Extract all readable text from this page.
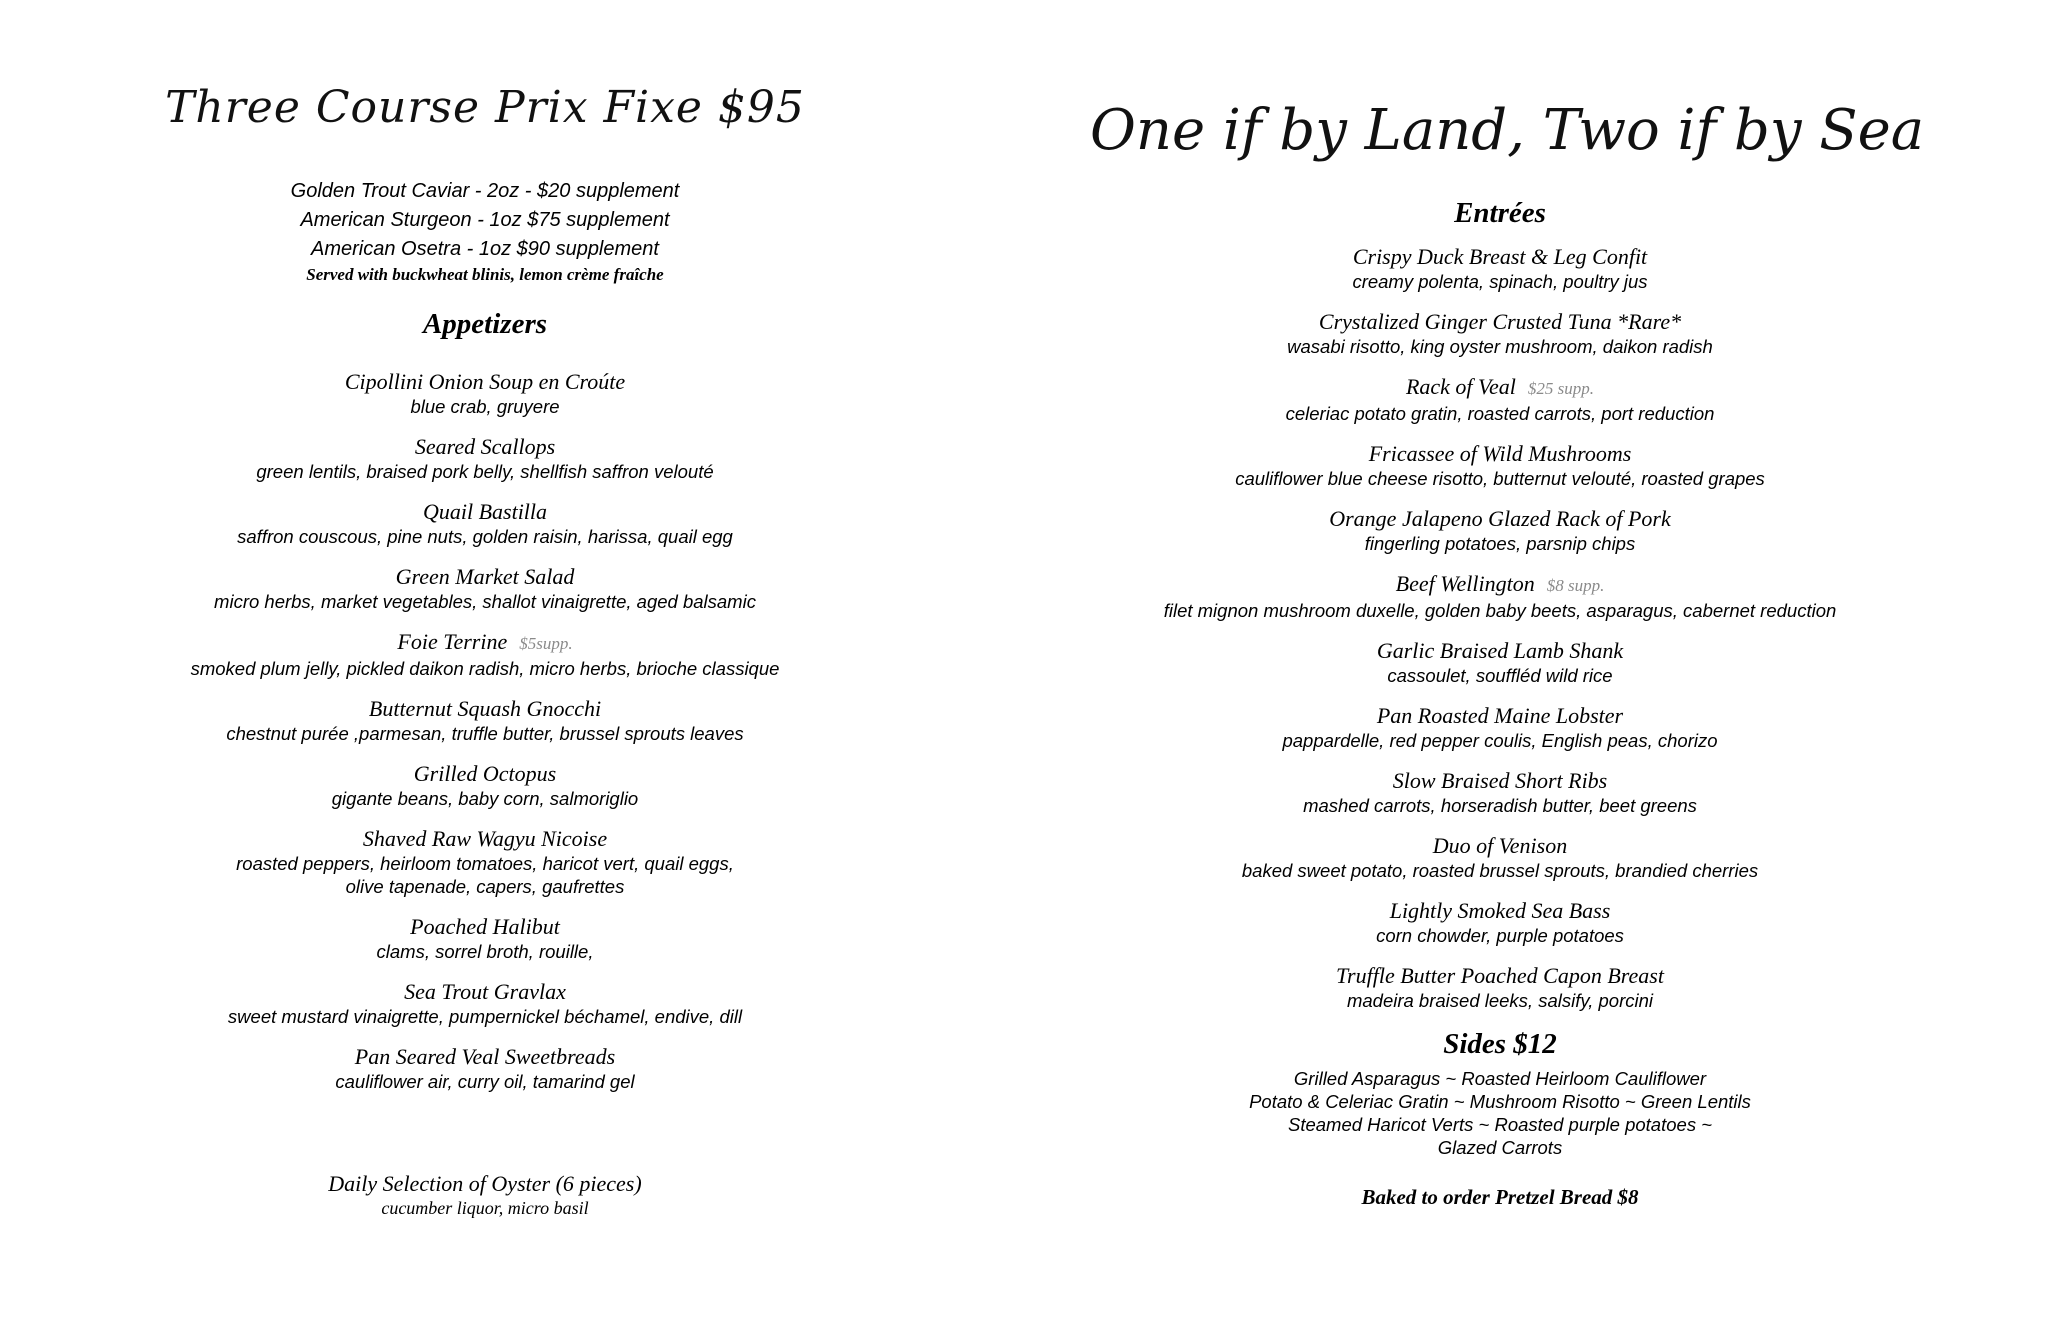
Three Course Prix Fixe $95
Golden Trout Caviar - 2oz - $20 supplement
American Sturgeon - 1oz $75 supplement
American Osetra - 1oz $90 supplement
Served with buckwheat blinis, lemon crème fraîche
Appetizers
Cipollini Onion Soup en Croúte
blue crab, gruyere
Seared Scallops
green lentils, braised pork belly, shellfish saffron velouté
Quail Bastilla
saffron couscous, pine nuts, golden raisin, harissa, quail egg
Green Market Salad
micro herbs, market vegetables, shallot vinaigrette, aged balsamic
Foie Terrine $5supp.
smoked plum jelly, pickled daikon radish, micro herbs, brioche classique
Butternut Squash Gnocchi
chestnut purée ,parmesan, truffle butter, brussel sprouts leaves
Grilled Octopus
gigante beans, baby corn, salmoriglio
Shaved Raw Wagyu Nicoise
roasted peppers, heirloom tomatoes, haricot vert, quail eggs,
olive tapenade, capers, gaufrettes
Poached Halibut
clams, sorrel broth, rouille,
Sea Trout Gravlax
sweet mustard vinaigrette, pumpernickel béchamel, endive, dill
Pan Seared Veal Sweetbreads
cauliflower air, curry oil, tamarind gel
Daily Selection of Oyster (6 pieces)
cucumber liquor, micro basil
One if by Land, Two if by Sea
Entrées
Crispy Duck Breast & Leg Confit
creamy polenta, spinach, poultry jus
Crystalized Ginger Crusted Tuna *Rare*
wasabi risotto, king oyster mushroom, daikon radish
Rack of Veal $25 supp.
celeriac potato gratin, roasted carrots, port reduction
Fricassee of Wild Mushrooms
cauliflower blue cheese risotto, butternut velouté, roasted grapes
Orange Jalapeno Glazed Rack of Pork
fingerling potatoes, parsnip chips
Beef Wellington $8 supp.
filet mignon mushroom duxelle, golden baby beets, asparagus, cabernet reduction
Garlic Braised Lamb Shank
cassoulet, souffléd wild rice
Pan Roasted Maine Lobster
pappardelle, red pepper coulis, English peas, chorizo
Slow Braised Short Ribs
mashed carrots, horseradish butter, beet greens
Duo of Venison
baked sweet potato, roasted brussel sprouts, brandied cherries
Lightly Smoked Sea Bass
corn chowder, purple potatoes
Truffle Butter Poached Capon Breast
madeira braised leeks, salsify, porcini
Sides $12
Grilled Asparagus ~ Roasted Heirloom Cauliflower
Potato & Celeriac Gratin ~ Mushroom Risotto ~ Green Lentils
Steamed Haricot Verts ~ Roasted purple potatoes ~
Glazed Carrots
Baked to order Pretzel Bread $8
